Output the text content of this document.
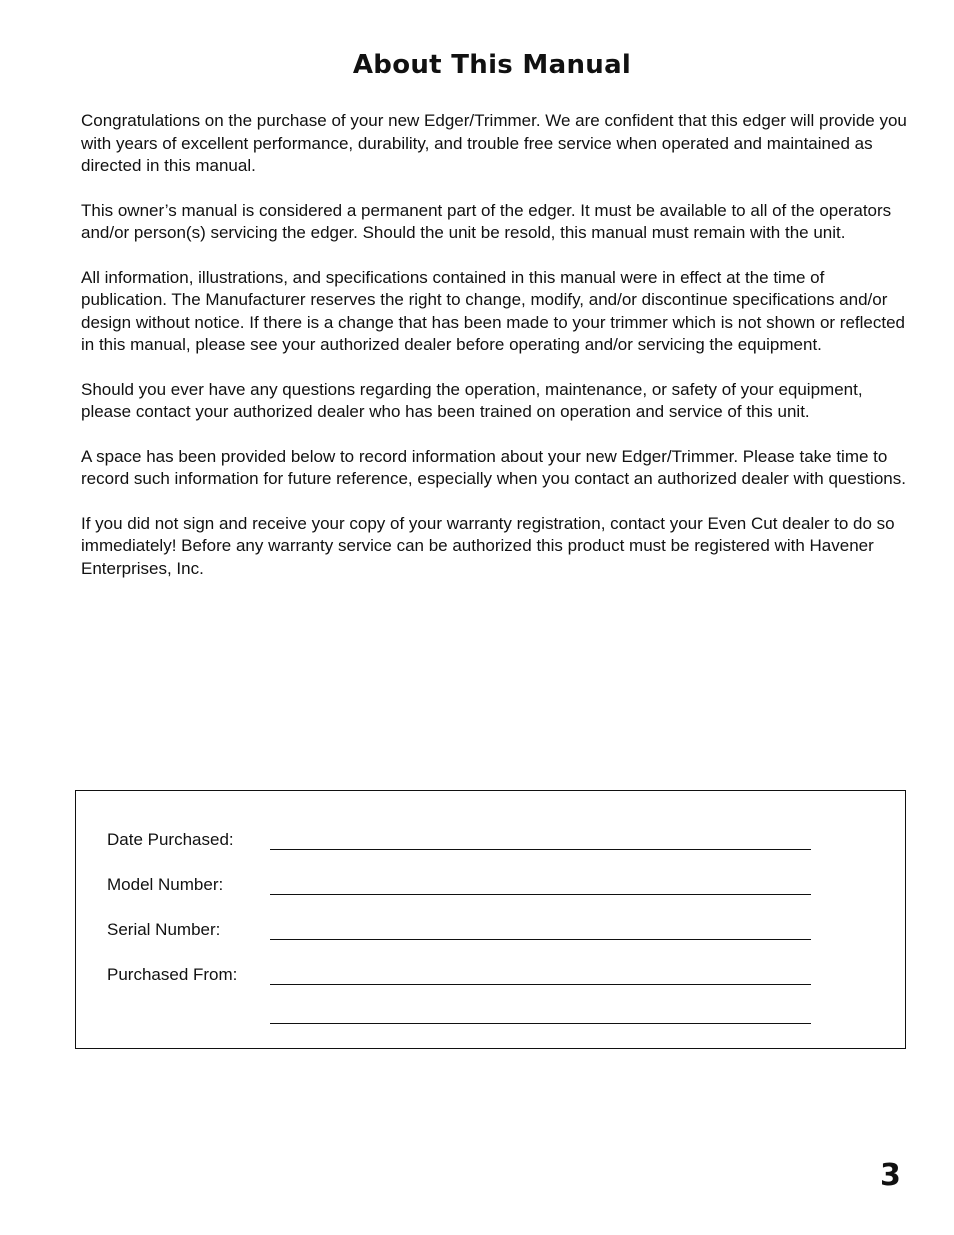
About This Manual

Congratulations on the purchase of your new Edger/Trimmer. We are confident that this edger will provide you with years of excellent performance, durability, and trouble free service when operated and maintained as directed in this manual.

This owner’s manual is considered a permanent part of the edger. It must be available to all of the operators and/or person(s) servicing the edger. Should the unit be resold, this manual must remain with the unit.

All information, illustrations, and specifications contained in this manual were in effect at the time of publication. The Manufacturer reserves the right to change, modify, and/or discontinue specifications and/or design without notice. If there is a change that has been made to your trimmer which is not shown or reflected in this manual, please see your authorized dealer before operating and/or servicing the equipment.

Should you ever have any questions regarding the operation, maintenance, or safety of your equipment, please contact your authorized dealer who has been trained on operation and service of this unit.

A space has been provided below to record information about your new Edger/Trimmer. Please take time to record such information for future reference, especially when you contact an authorized dealer with questions.

If you did not sign and receive your copy of your warranty registration, contact your Even Cut dealer to do so immediately! Before any warranty service can be authorized this product must be registered with Havener Enterprises, Inc.

Date Purchased:
Model Number:
Serial Number:
Purchased From:
3
